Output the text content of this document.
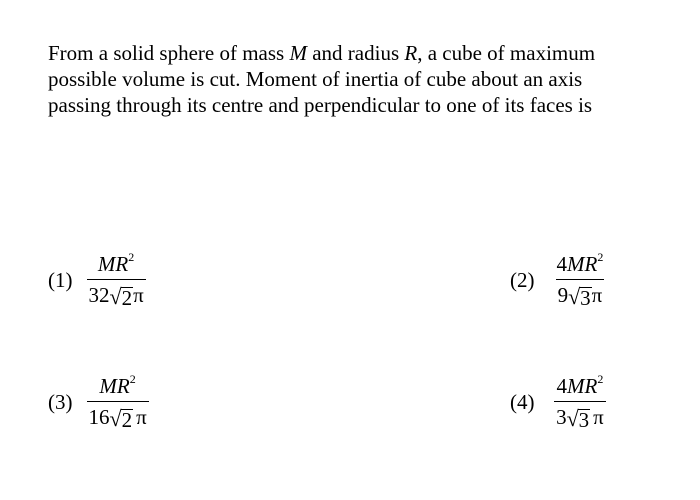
From a solid sphere of mass M and radius R, a cube of maximum
possible volume is cut. Moment of inertia of cube about an axis
passing through its centre and perpendicular to one of its faces is
$(1) \frac{MR^2}{32 √ 2 \pi}$	$(2) \frac{4MR^2}{9 √ 3 \pi}$
$(3) \frac{MR^2}{16 √ 2 \pi}$	$(4) \frac{4MR^2}{3 √ 3 \pi}$
